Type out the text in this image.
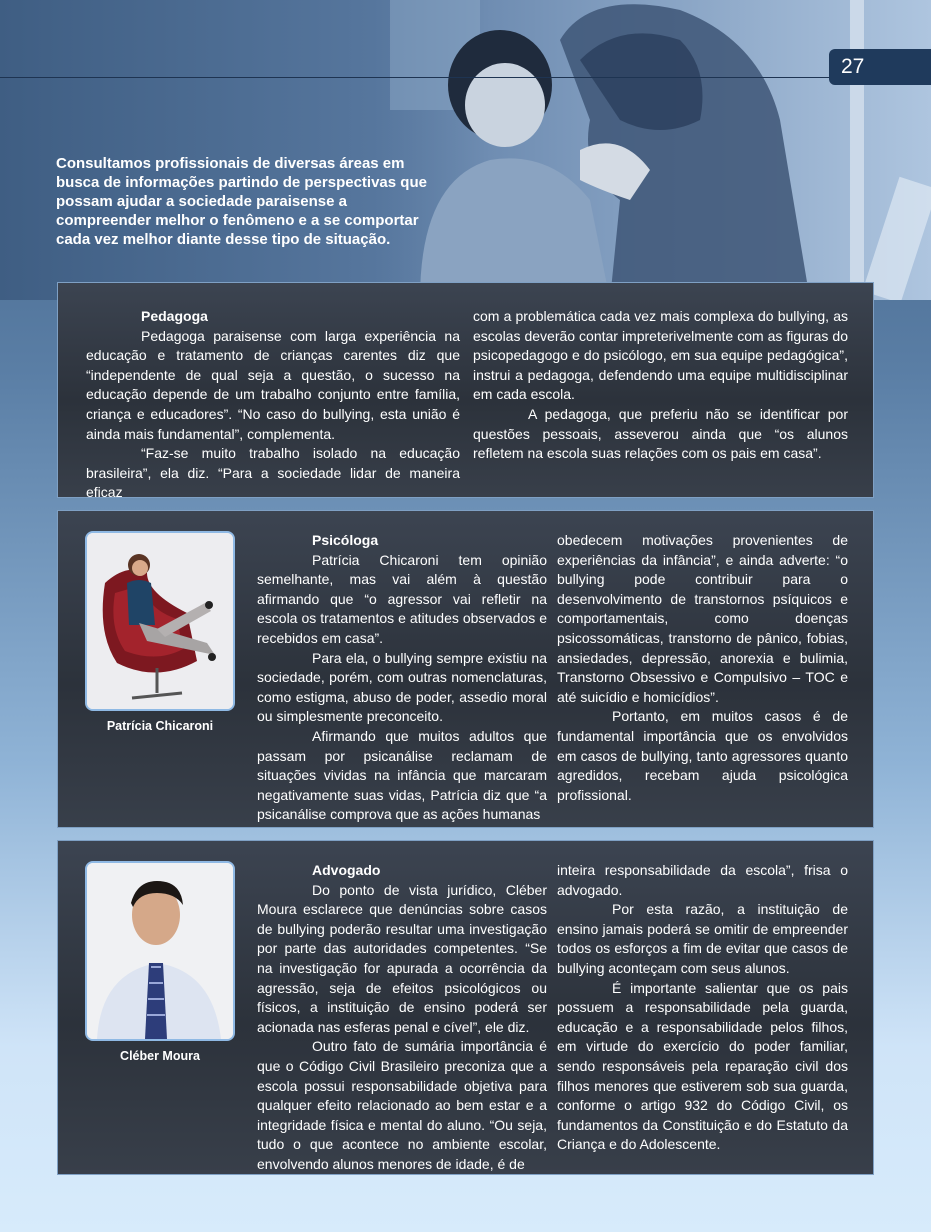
27

Consultamos profissionais de diversas áreas em busca de informações partindo de perspectivas que possam ajudar a sociedade paraisense a compreender melhor o fenômeno e a se comportar cada vez melhor diante desse tipo de situação.

Pedagoga

Pedagoga paraisense com larga experiência na educação e tratamento de crianças carentes diz que “independente de qual seja a questão, o sucesso na educação depende de um trabalho conjunto entre família, criança e educadores”. “No caso do bullying, esta união é ainda mais fundamental”, complementa.

“Faz-se muito trabalho isolado na educação brasileira”, ela diz. “Para a sociedade lidar de maneira eficaz

com a problemática cada vez mais complexa do bullying, as escolas deverão contar impreterivelmente com as figuras do psicopedagogo e do psicólogo, em sua equipe pedagógica”, instrui a pedagoga, defendendo uma equipe multidisciplinar em cada escola.

A pedagoga, que preferiu não se identificar por questões pessoais, asseverou ainda que “os alunos refletem na escola suas relações com os pais em casa”.

Patrícia Chicaroni

Psicóloga

Patrícia Chicaroni tem opinião semelhante, mas vai além à questão afirmando que “o agressor vai refletir na escola os tratamentos e atitudes observados e recebidos em casa”.

Para ela, o bullying sempre existiu na sociedade, porém, com outras nomenclaturas, como estigma, abuso de poder, assedio moral ou simplesmente preconceito.

Afirmando que muitos adultos que passam por psicanálise reclamam de situações vividas na infância que marcaram negativamente suas vidas, Patrícia diz que “a psicanálise comprova que as ações humanas

obedecem motivações provenientes de experiências da infância”, e ainda adverte: “o bullying pode contribuir para o desenvolvimento de transtornos psíquicos e comportamentais, como doenças psicossomáticas, transtorno de pânico, fobias, ansiedades, depressão, anorexia e bulimia, Transtorno Obsessivo e Compulsivo – TOC e até suicídio e homicídios”.

Portanto, em muitos casos é de fundamental importância que os envolvidos em casos de bullying, tanto agressores quanto agredidos, recebam ajuda psicológica profissional.

Cléber Moura

Advogado

Do ponto de vista jurídico, Cléber Moura esclarece que denúncias sobre casos de bullying poderão resultar uma investigação por parte das autoridades competentes. “Se na investigação for apurada a ocorrência da agressão, seja de efeitos psicológicos ou físicos, a instituição de ensino poderá ser acionada nas esferas penal e cível”, ele diz.

Outro fato de sumária importância é que o Código Civil Brasileiro preconiza que a escola possui responsabilidade objetiva para qualquer efeito relacionado ao bem estar e a integridade física e mental do aluno. “Ou seja, tudo o que acontece no ambiente escolar, envolvendo alunos menores de idade, é de

inteira responsabilidade da escola”, frisa o advogado.

Por esta razão, a instituição de ensino jamais poderá se omitir de empreender todos os esforços a fim de evitar que casos de bullying aconteçam com seus alunos.

É importante salientar que os pais possuem a responsabilidade pela guarda, educação e a responsabilidade pelos filhos, em virtude do exercício do poder familiar, sendo responsáveis pela reparação civil dos filhos menores que estiverem sob sua guarda, conforme o artigo 932 do Código Civil, os fundamentos da Constituição e do Estatuto da Criança e do Adolescente.
